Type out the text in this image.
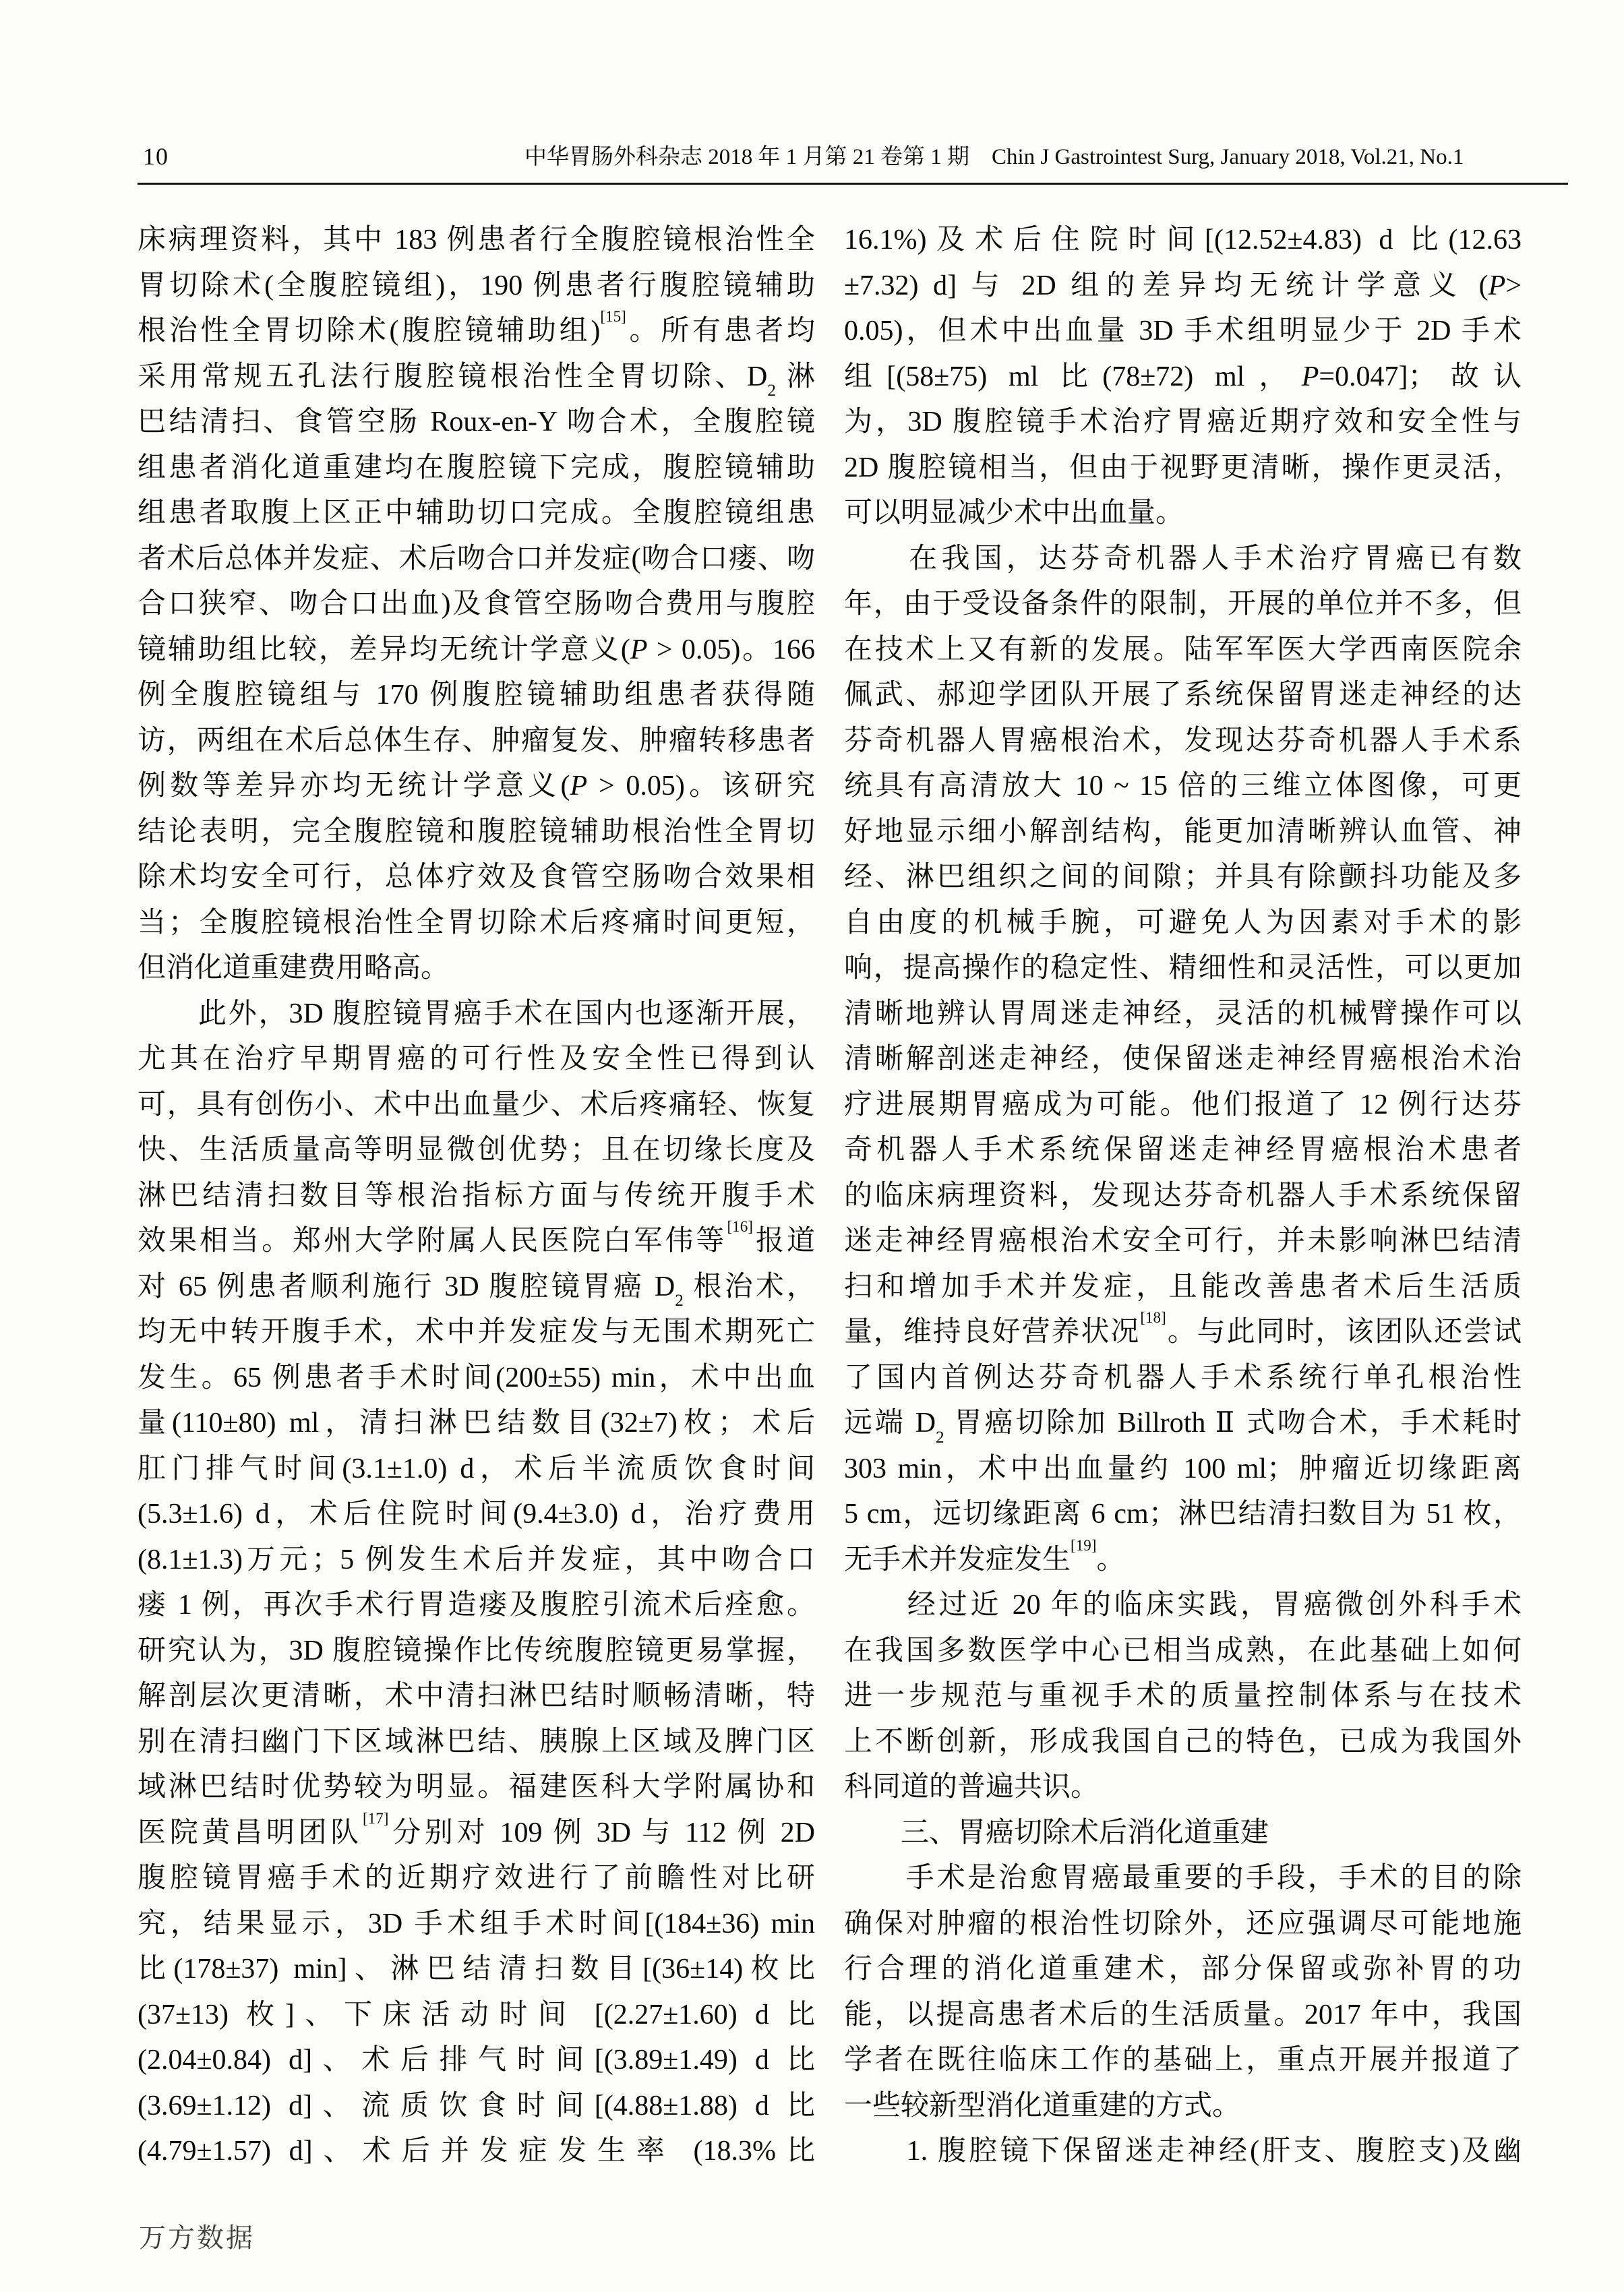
10	中华胃肠外科杂志 2018 年 1 月第 21 卷第 1 期　Chin J Gastrointest Surg, January 2018, Vol.21, No.1
床病理资料，其中 183 例患者行全腹腔镜根治性全
胃切除术(全腹腔镜组)，190 例患者行腹腔镜辅助
根治性全胃切除术(腹腔镜辅助组)[15]。所有患者均
采用常规五孔法行腹腔镜根治性全胃切除、$D_2$ 淋
巴结清扫、食管空肠 Roux-en-Y 吻合术，全腹腔镜
组患者消化道重建均在腹腔镜下完成，腹腔镜辅助
组患者取腹上区正中辅助切口完成。全腹腔镜组患
者术后总体并发症、术后吻合口并发症(吻合口瘘、吻
合口狭窄、吻合口出血)及食管空肠吻合费用与腹腔
镜辅助组比较，差异均无统计学意义(P > 0.05)。166
例全腹腔镜组与 170 例腹腔镜辅助组患者获得随
访，两组在术后总体生存、肿瘤复发、肿瘤转移患者
例数等差异亦均无统计学意义(P > 0.05)。该研究
结论表明，完全腹腔镜和腹腔镜辅助根治性全胃切
除术均安全可行，总体疗效及食管空肠吻合效果相
当；全腹腔镜根治性全胃切除术后疼痛时间更短，
但消化道重建费用略高。
　　此外，3D 腹腔镜胃癌手术在国内也逐渐开展，
尤其在治疗早期胃癌的可行性及安全性已得到认
可，具有创伤小、术中出血量少、术后疼痛轻、恢复
快、生活质量高等明显微创优势；且在切缘长度及
淋巴结清扫数目等根治指标方面与传统开腹手术
效果相当。郑州大学附属人民医院白军伟等[16]报道
对 65 例患者顺利施行 3D 腹腔镜胃癌 $D_2$ 根治术，
均无中转开腹手术，术中并发症发与无围术期死亡
发生。65 例患者手术时间(200±55) min，术中出血
量(110±80) ml，清扫淋巴结数目(32±7)枚；术后
肛门排气时间(3.1±1.0) d，术后半流质饮食时间
(5.3±1.6) d，术后住院时间(9.4±3.0) d，治疗费用
(8.1±1.3)万元；5 例发生术后并发症，其中吻合口
瘘 1 例，再次手术行胃造瘘及腹腔引流术后痊愈。
研究认为，3D 腹腔镜操作比传统腹腔镜更易掌握，
解剖层次更清晰，术中清扫淋巴结时顺畅清晰，特
别在清扫幽门下区域淋巴结、胰腺上区域及脾门区
域淋巴结时优势较为明显。福建医科大学附属协和
医院黄昌明团队[17]分别对 109 例 3D 与 112 例 2D
腹腔镜胃癌手术的近期疗效进行了前瞻性对比研
究，结果显示，3D 手术组手术时间[(184±36) min
比(178±37) min]、淋巴结清扫数目[(36±14)枚比
(37±13) 枚]、下床活动时间 [(2.27±1.60) d 比
(2.04±0.84) d]、术后排气时间[(3.89±1.49) d 比
(3.69±1.12) d]、流质饮食时间[(4.88±1.88) d 比
(4.79±1.57) d]、术后并发症发生率 (18.3%比
16.1%)及术后住院时间[(12.52±4.83) d 比(12.63
±7.32) d] 与 2D 组的差异均无统计学意义 (P>
0.05)，但术中出血量 3D 手术组明显少于 2D 手术
组[(58±75) ml 比(78±72) ml，P=0.047]；故认
为，3D 腹腔镜手术治疗胃癌近期疗效和安全性与
2D 腹腔镜相当，但由于视野更清晰，操作更灵活，
可以明显减少术中出血量。
　　在我国，达芬奇机器人手术治疗胃癌已有数
年，由于受设备条件的限制，开展的单位并不多，但
在技术上又有新的发展。陆军军医大学西南医院余
佩武、郝迎学团队开展了系统保留胃迷走神经的达
芬奇机器人胃癌根治术，发现达芬奇机器人手术系
统具有高清放大 10 ~ 15 倍的三维立体图像，可更
好地显示细小解剖结构，能更加清晰辨认血管、神
经、淋巴组织之间的间隙；并具有除颤抖功能及多
自由度的机械手腕，可避免人为因素对手术的影
响，提高操作的稳定性、精细性和灵活性，可以更加
清晰地辨认胃周迷走神经，灵活的机械臂操作可以
清晰解剖迷走神经，使保留迷走神经胃癌根治术治
疗进展期胃癌成为可能。他们报道了 12 例行达芬
奇机器人手术系统保留迷走神经胃癌根治术患者
的临床病理资料，发现达芬奇机器人手术系统保留
迷走神经胃癌根治术安全可行，并未影响淋巴结清
扫和增加手术并发症，且能改善患者术后生活质
量，维持良好营养状况[18]。与此同时，该团队还尝试
了国内首例达芬奇机器人手术系统行单孔根治性
远端 $D_2$ 胃癌切除加 Billroth Ⅱ 式吻合术，手术耗时
303 min，术中出血量约 100 ml；肿瘤近切缘距离
5 cm，远切缘距离 6 cm；淋巴结清扫数目为 51 枚，
无手术并发症发生[19]。
　　经过近 20 年的临床实践，胃癌微创外科手术
在我国多数医学中心已相当成熟，在此基础上如何
进一步规范与重视手术的质量控制体系与在技术
上不断创新，形成我国自己的特色，已成为我国外
科同道的普遍共识。
　　三、胃癌切除术后消化道重建
　　手术是治愈胃癌最重要的手段，手术的目的除
确保对肿瘤的根治性切除外，还应强调尽可能地施
行合理的消化道重建术，部分保留或弥补胃的功
能，以提高患者术后的生活质量。2017 年中，我国
学者在既往临床工作的基础上，重点开展并报道了
一些较新型消化道重建的方式。
　　1. 腹腔镜下保留迷走神经(肝支、腹腔支)及幽
万方数据
